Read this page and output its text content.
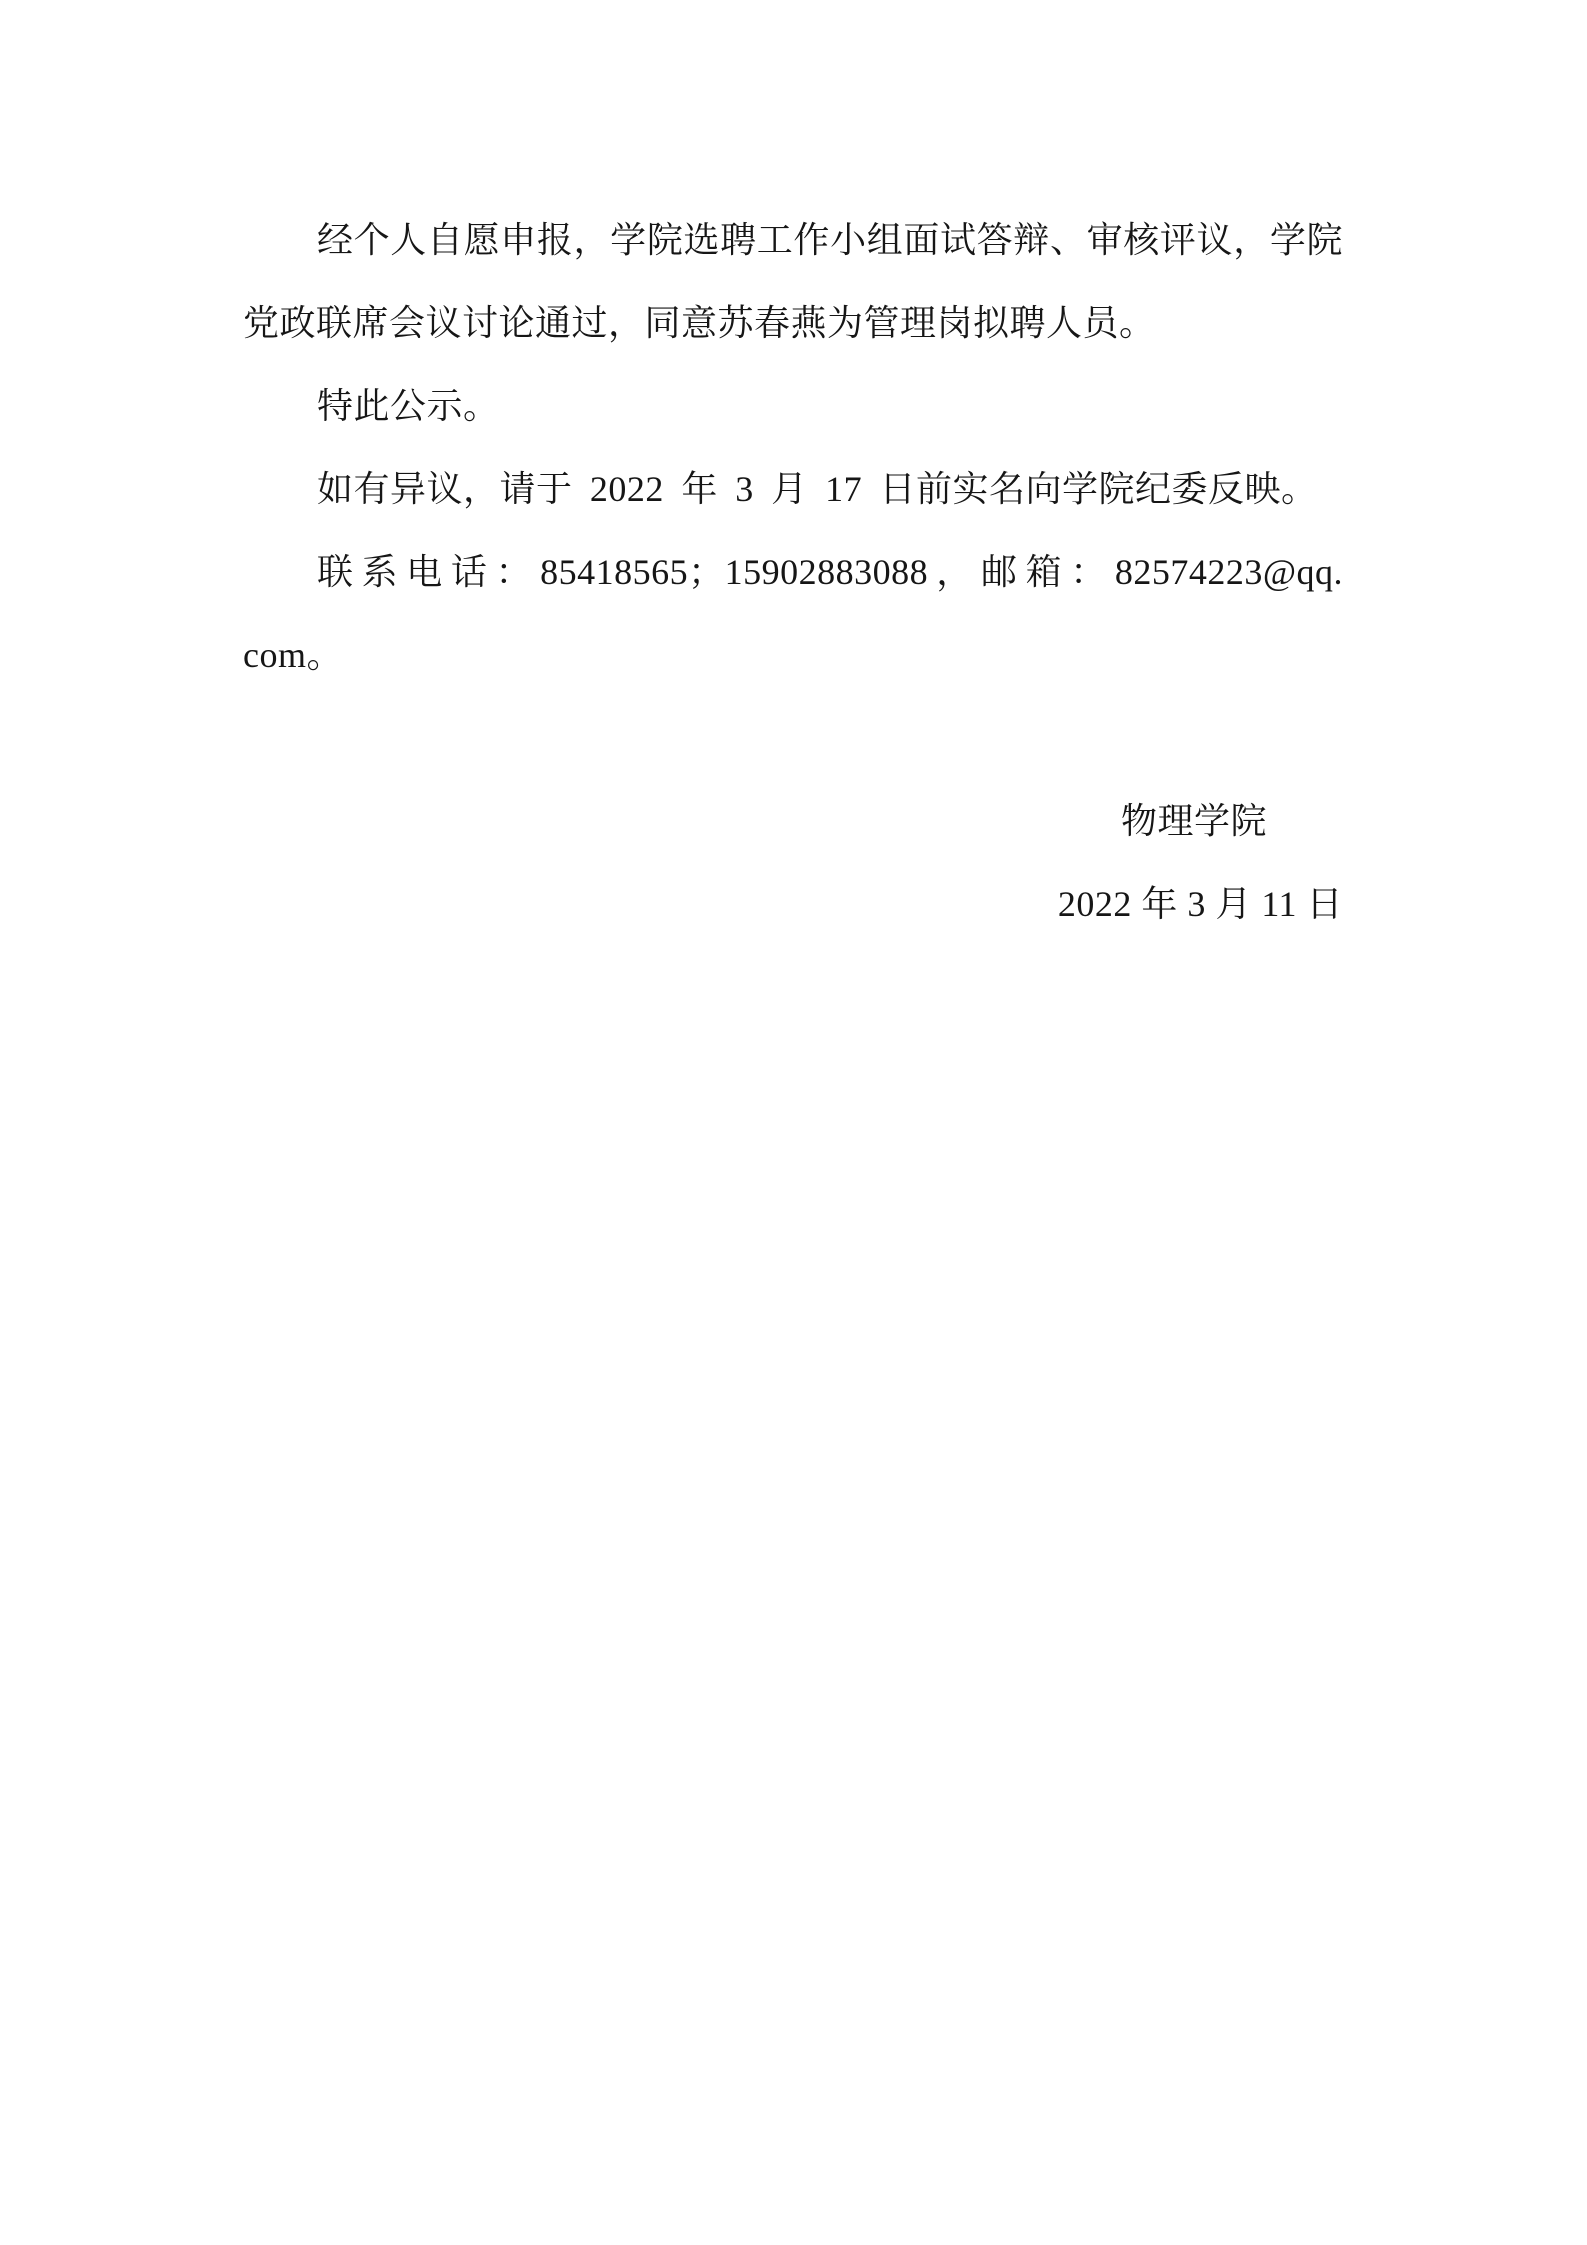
经个人自愿申报，学院选聘工作小组面试答辩、审核评议，学院党政联席会议讨论通过，同意苏春燕为管理岗拟聘人员。

特此公示。

如有异议，请于 2022 年 3 月 17 日前实名向学院纪委反映。

联系电话：85418565；15902883088，邮箱：82574223@qq. com。

物理学院
2022 年 3 月 11 日
